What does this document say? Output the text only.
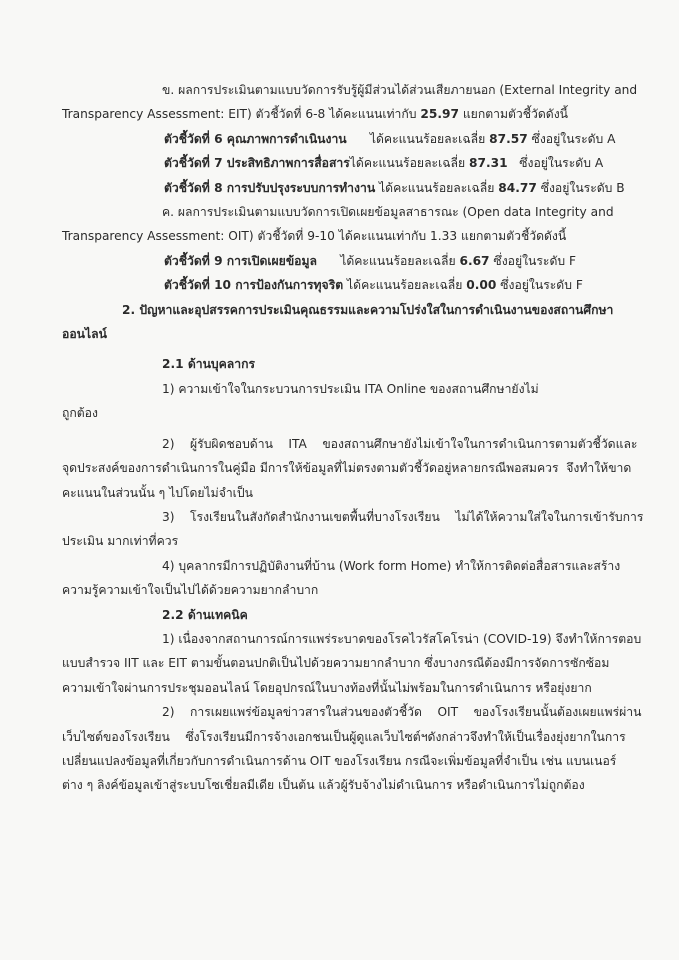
ข. ผลการประเมินตามแบบวัดการรับรู้ผู้มีส่วนได้ส่วนเสียภายนอก (External Integrity and

Transparency Assessment: EIT) ตัวชี้วัดที่ 6-8 ได้คะแนนเท่ากับ 25.97 แยกตามตัวชี้วัดดังนี้

ตัวชี้วัดที่ 6 คุณภาพการดำเนินงาน      ได้คะแนนร้อยละเฉลี่ย 87.57 ซึ่งอยู่ในระดับ A

ตัวชี้วัดที่ 7 ประสิทธิภาพการสื่อสารได้คะแนนร้อยละเฉลี่ย 87.31   ซึ่งอยู่ในระดับ A

ตัวชี้วัดที่ 8 การปรับปรุงระบบการทำงาน ได้คะแนนร้อยละเฉลี่ย 84.77 ซึ่งอยู่ในระดับ B

ค. ผลการประเมินตามแบบวัดการเปิดเผยข้อมูลสาธารณะ (Open data Integrity and

Transparency Assessment: OIT) ตัวชี้วัดที่ 9-10 ได้คะแนนเท่ากับ 1.33 แยกตามตัวชี้วัดดังนี้

ตัวชี้วัดที่ 9 การเปิดเผยข้อมูล      ได้คะแนนร้อยละเฉลี่ย 6.67 ซึ่งอยู่ในระดับ F

ตัวชี้วัดที่ 10 การป้องกันการทุจริต ได้คะแนนร้อยละเฉลี่ย 0.00 ซึ่งอยู่ในระดับ F

2. ปัญหาและอุปสรรคการประเมินคุณธรรมและความโปร่งใสในการดำเนินงานของสถานศึกษา

ออนไลน์

2.1 ด้านบุคลากร

1) ความเข้าใจในกระบวนการประเมิน ITA Online ของสถานศึกษายังไม่

ถูกต้อง

2)    ผู้รับผิดชอบด้าน    ITA    ของสถานศึกษายังไม่เข้าใจในการดำเนินการตามตัวชี้วัดและ

จุดประสงค์ของการดำเนินการในคู่มือ มีการให้ข้อมูลที่ไม่ตรงตามตัวชี้วัดอยู่หลายกรณีพอสมควร  จึงทำให้ขาด

คะแนนในส่วนนั้น ๆ ไปโดยไม่จำเป็น

3)    โรงเรียนในสังกัดสำนักงานเขตพื้นที่บางโรงเรียน    ไม่ได้ให้ความใส่ใจในการเข้ารับการ

ประเมิน มากเท่าที่ควร

4) บุคลากรมีการปฏิบัติงานที่บ้าน (Work form Home) ทำให้การติดต่อสื่อสารและสร้าง

ความรู้ความเข้าใจเป็นไปได้ด้วยความยากลำบาก

2.2 ด้านเทคนิค

1) เนื่องจากสถานการณ์การแพร่ระบาดของโรคไวรัสโคโรน่า (COVID-19) จึงทำให้การตอบ

แบบสำรวจ IIT และ EIT ตามขั้นตอนปกติเป็นไปด้วยความยากลำบาก ซึ่งบางกรณีต้องมีการจัดการซักซ้อม

ความเข้าใจผ่านการประชุมออนไลน์ โดยอุปกรณ์ในบางท้องที่นั้นไม่พร้อมในการดำเนินการ หรือยุ่งยาก

2)    การเผยแพร่ข้อมูลข่าวสารในส่วนของตัวชี้วัด    OIT    ของโรงเรียนนั้นต้องเผยแพร่ผ่าน

เว็บไซต์ของโรงเรียน    ซึ่งโรงเรียนมีการจ้างเอกชนเป็นผู้ดูแลเว็บไซต์ฯดังกล่าวจึงทำให้เป็นเรื่องยุ่งยากในการ

เปลี่ยนแปลงข้อมูลที่เกี่ยวกับการดำเนินการด้าน OIT ของโรงเรียน กรณีจะเพิ่มข้อมูลที่จำเป็น เช่น แบนเนอร์

ต่าง ๆ ลิงค์ข้อมูลเข้าสู่ระบบโซเชี่ยลมีเดีย เป็นต้น แล้วผู้รับจ้างไม่ดำเนินการ หรือดำเนินการไม่ถูกต้อง
